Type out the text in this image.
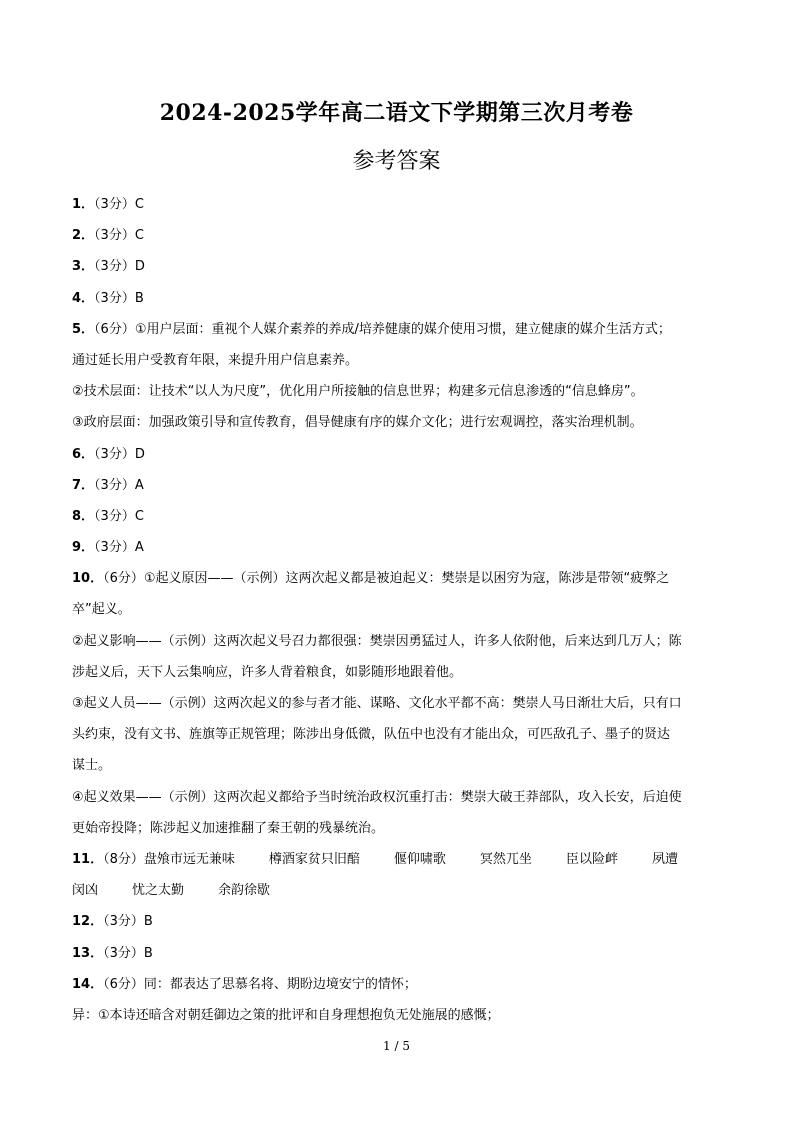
2024-2025学年高二语文下学期第三次月考卷
参考答案
1．（3分）C
2．（3分）C
3．（3分）D
4．（3分）B
5．（6分）①用户层面：重视个人媒介素养的养成/培养健康的媒介使用习惯，建立健康的媒介生活方式；
通过延长用户受教育年限，来提升用户信息素养。
②技术层面：让技术“以人为尺度”，优化用户所接触的信息世界；构建多元信息渗透的“信息蜂房”。
③政府层面：加强政策引导和宣传教育，倡导健康有序的媒介文化；进行宏观调控，落实治理机制。
6．（3分）D
7．（3分）A
8．（3分）C
9．（3分）A
10．（6分）①起义原因——（示例）这两次起义都是被迫起义：樊崇是以困穷为寇，陈涉是带领“疲弊之
卒”起义。
②起义影响——（示例）这两次起义号召力都很强：樊崇因勇猛过人，许多人依附他，后来达到几万人；陈
涉起义后，天下人云集响应，许多人背着粮食，如影随形地跟着他。
③起义人员——（示例）这两次起义的参与者才能、谋略、文化水平都不高：樊崇人马日渐壮大后，只有口
头约束，没有文书、旌旗等正规管理；陈涉出身低微，队伍中也没有才能出众，可匹敌孔子、墨子的贤达
谋士。
④起义效果——（示例）这两次起义都给予当时统治政权沉重打击：樊崇大破王莽部队，攻入长安，后迫使
更始帝投降；陈涉起义加速推翻了秦王朝的残暴统治。
11．（8分）盘飧市远无兼味	樽酒家贫只旧醅	偃仰啸歌	冥然兀坐	臣以险衅	夙遭
闵凶	忧之太勤	余韵徐歇
12．（3分）B
13．（3分）B
14．（6分）同：都表达了思慕名将、期盼边境安宁的情怀；
异：①本诗还暗含对朝廷御边之策的批评和自身理想抱负无处施展的感慨；
1 / 5
